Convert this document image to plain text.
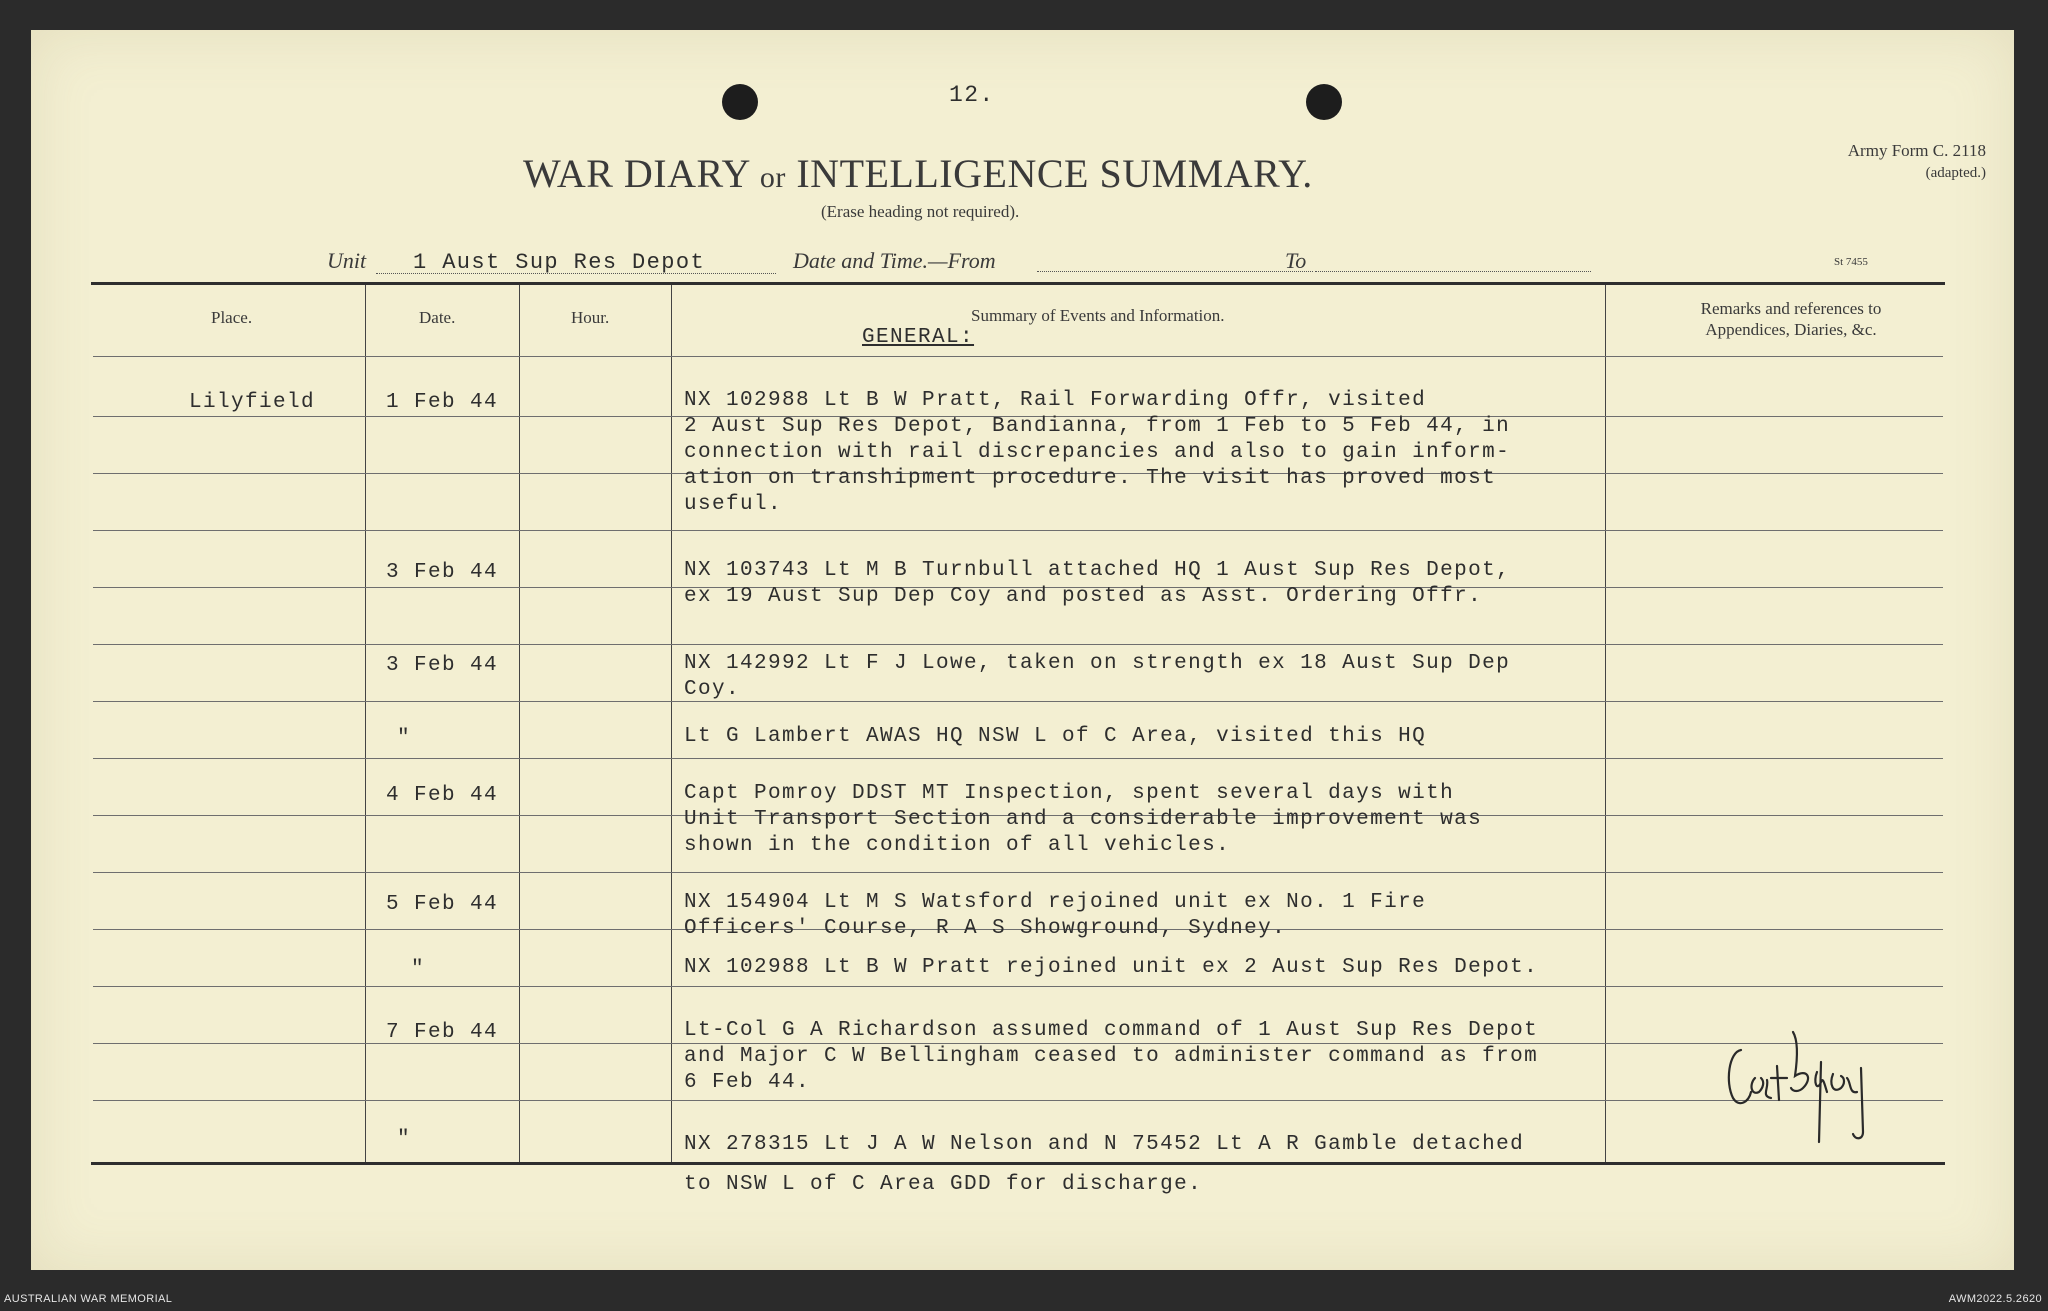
12.
WAR DIARY or INTELLIGENCE SUMMARY.
(Erase heading not required).
Army Form C. 2118
(adapted.)
Unit 1 Aust Sup Res Depot	Date and Time.—From	To	St 7455
Place.	Date.	Hour.	Summary of Events and Information.	Remarks and references to
Appendices, Diaries, &c.
GENERAL:
Lilyfield	1 Feb 44	NX 102988 Lt B W Pratt, Rail Forwarding Offr, visited
2 Aust Sup Res Depot, Bandianna, from 1 Feb to 5 Feb 44, in
connection with rail discrepancies and also to gain inform-
ation on transhipment procedure. The visit has proved most
useful.
3 Feb 44	NX 103743 Lt M B Turnbull attached HQ 1 Aust Sup Res Depot,
ex 19 Aust Sup Dep Coy and posted as Asst. Ordering Offr.
3 Feb 44	NX 142992 Lt F J Lowe, taken on strength ex 18 Aust Sup Dep
Coy.
"	Lt G Lambert AWAS HQ NSW L of C Area, visited this HQ
4 Feb 44	Capt Pomroy DDST MT Inspection, spent several days with
Unit Transport Section and a considerable improvement was
shown in the condition of all vehicles.
5 Feb 44	NX 154904 Lt M S Watsford rejoined unit ex No. 1 Fire
Officers' Course, R A S Showground, Sydney.
"	NX 102988 Lt B W Pratt rejoined unit ex 2 Aust Sup Res Depot.
7 Feb 44	Lt-Col G A Richardson assumed command of 1 Aust Sup Res Depot
and Major C W Bellingham ceased to administer command as from
6 Feb 44.
"	NX 278315 Lt J A W Nelson and N 75452 Lt A R Gamble detached
to NSW L of C Area GDD for discharge.
AUSTRALIAN WAR MEMORIAL	AWM2022.5.2620
